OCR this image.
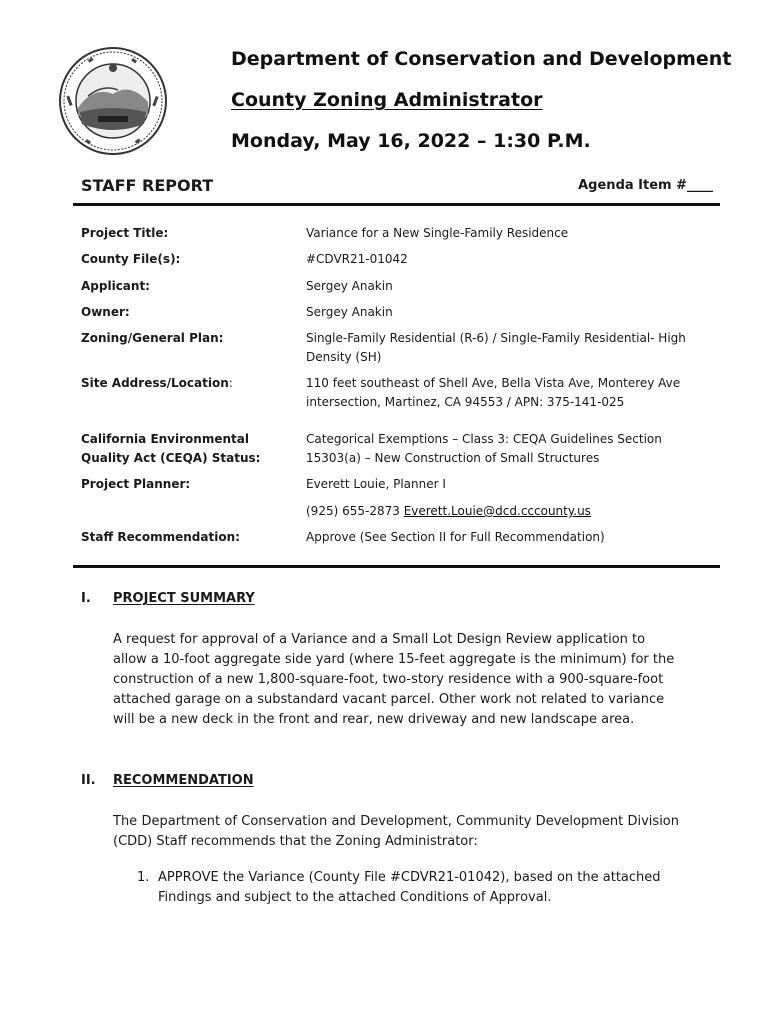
Department of Conservation and Development
County Zoning Administrator
Monday, May 16, 2022 – 1:30 P.M.
STAFF REPORT	Agenda Item #____
Project Title:	Variance for a New Single-Family Residence
County File(s):	#CDVR21-01042
Applicant:	Sergey Anakin
Owner:	Sergey Anakin
Zoning/General Plan:	Single-Family Residential (R-6) / Single-Family Residential- High Density (SH)
Site Address/Location:	110 feet southeast of Shell Ave, Bella Vista Ave, Monterey Ave intersection, Martinez, CA 94553 / APN: 375-141-025
California Environmental Quality Act (CEQA) Status:
Categorical Exemptions – Class 3: CEQA Guidelines Section 15303(a) – New Construction of Small Structures
Project Planner:	Everett Louie, Planner I
(925) 655-2873 Everett.Louie@dcd.cccounty.us
Staff Recommendation:	Approve (See Section II for Full Recommendation)
I. PROJECT SUMMARY
A request for approval of a Variance and a Small Lot Design Review application to allow a 10-foot aggregate side yard (where 15-feet aggregate is the minimum) for the construction of a new 1,800-square-foot, two-story residence with a 900-square-foot attached garage on a substandard vacant parcel. Other work not related to variance will be a new deck in the front and rear, new driveway and new landscape area.
II. RECOMMENDATION
The Department of Conservation and Development, Community Development Division (CDD) Staff recommends that the Zoning Administrator:
1. APPROVE the Variance (County File #CDVR21-01042), based on the attached Findings and subject to the attached Conditions of Approval.
